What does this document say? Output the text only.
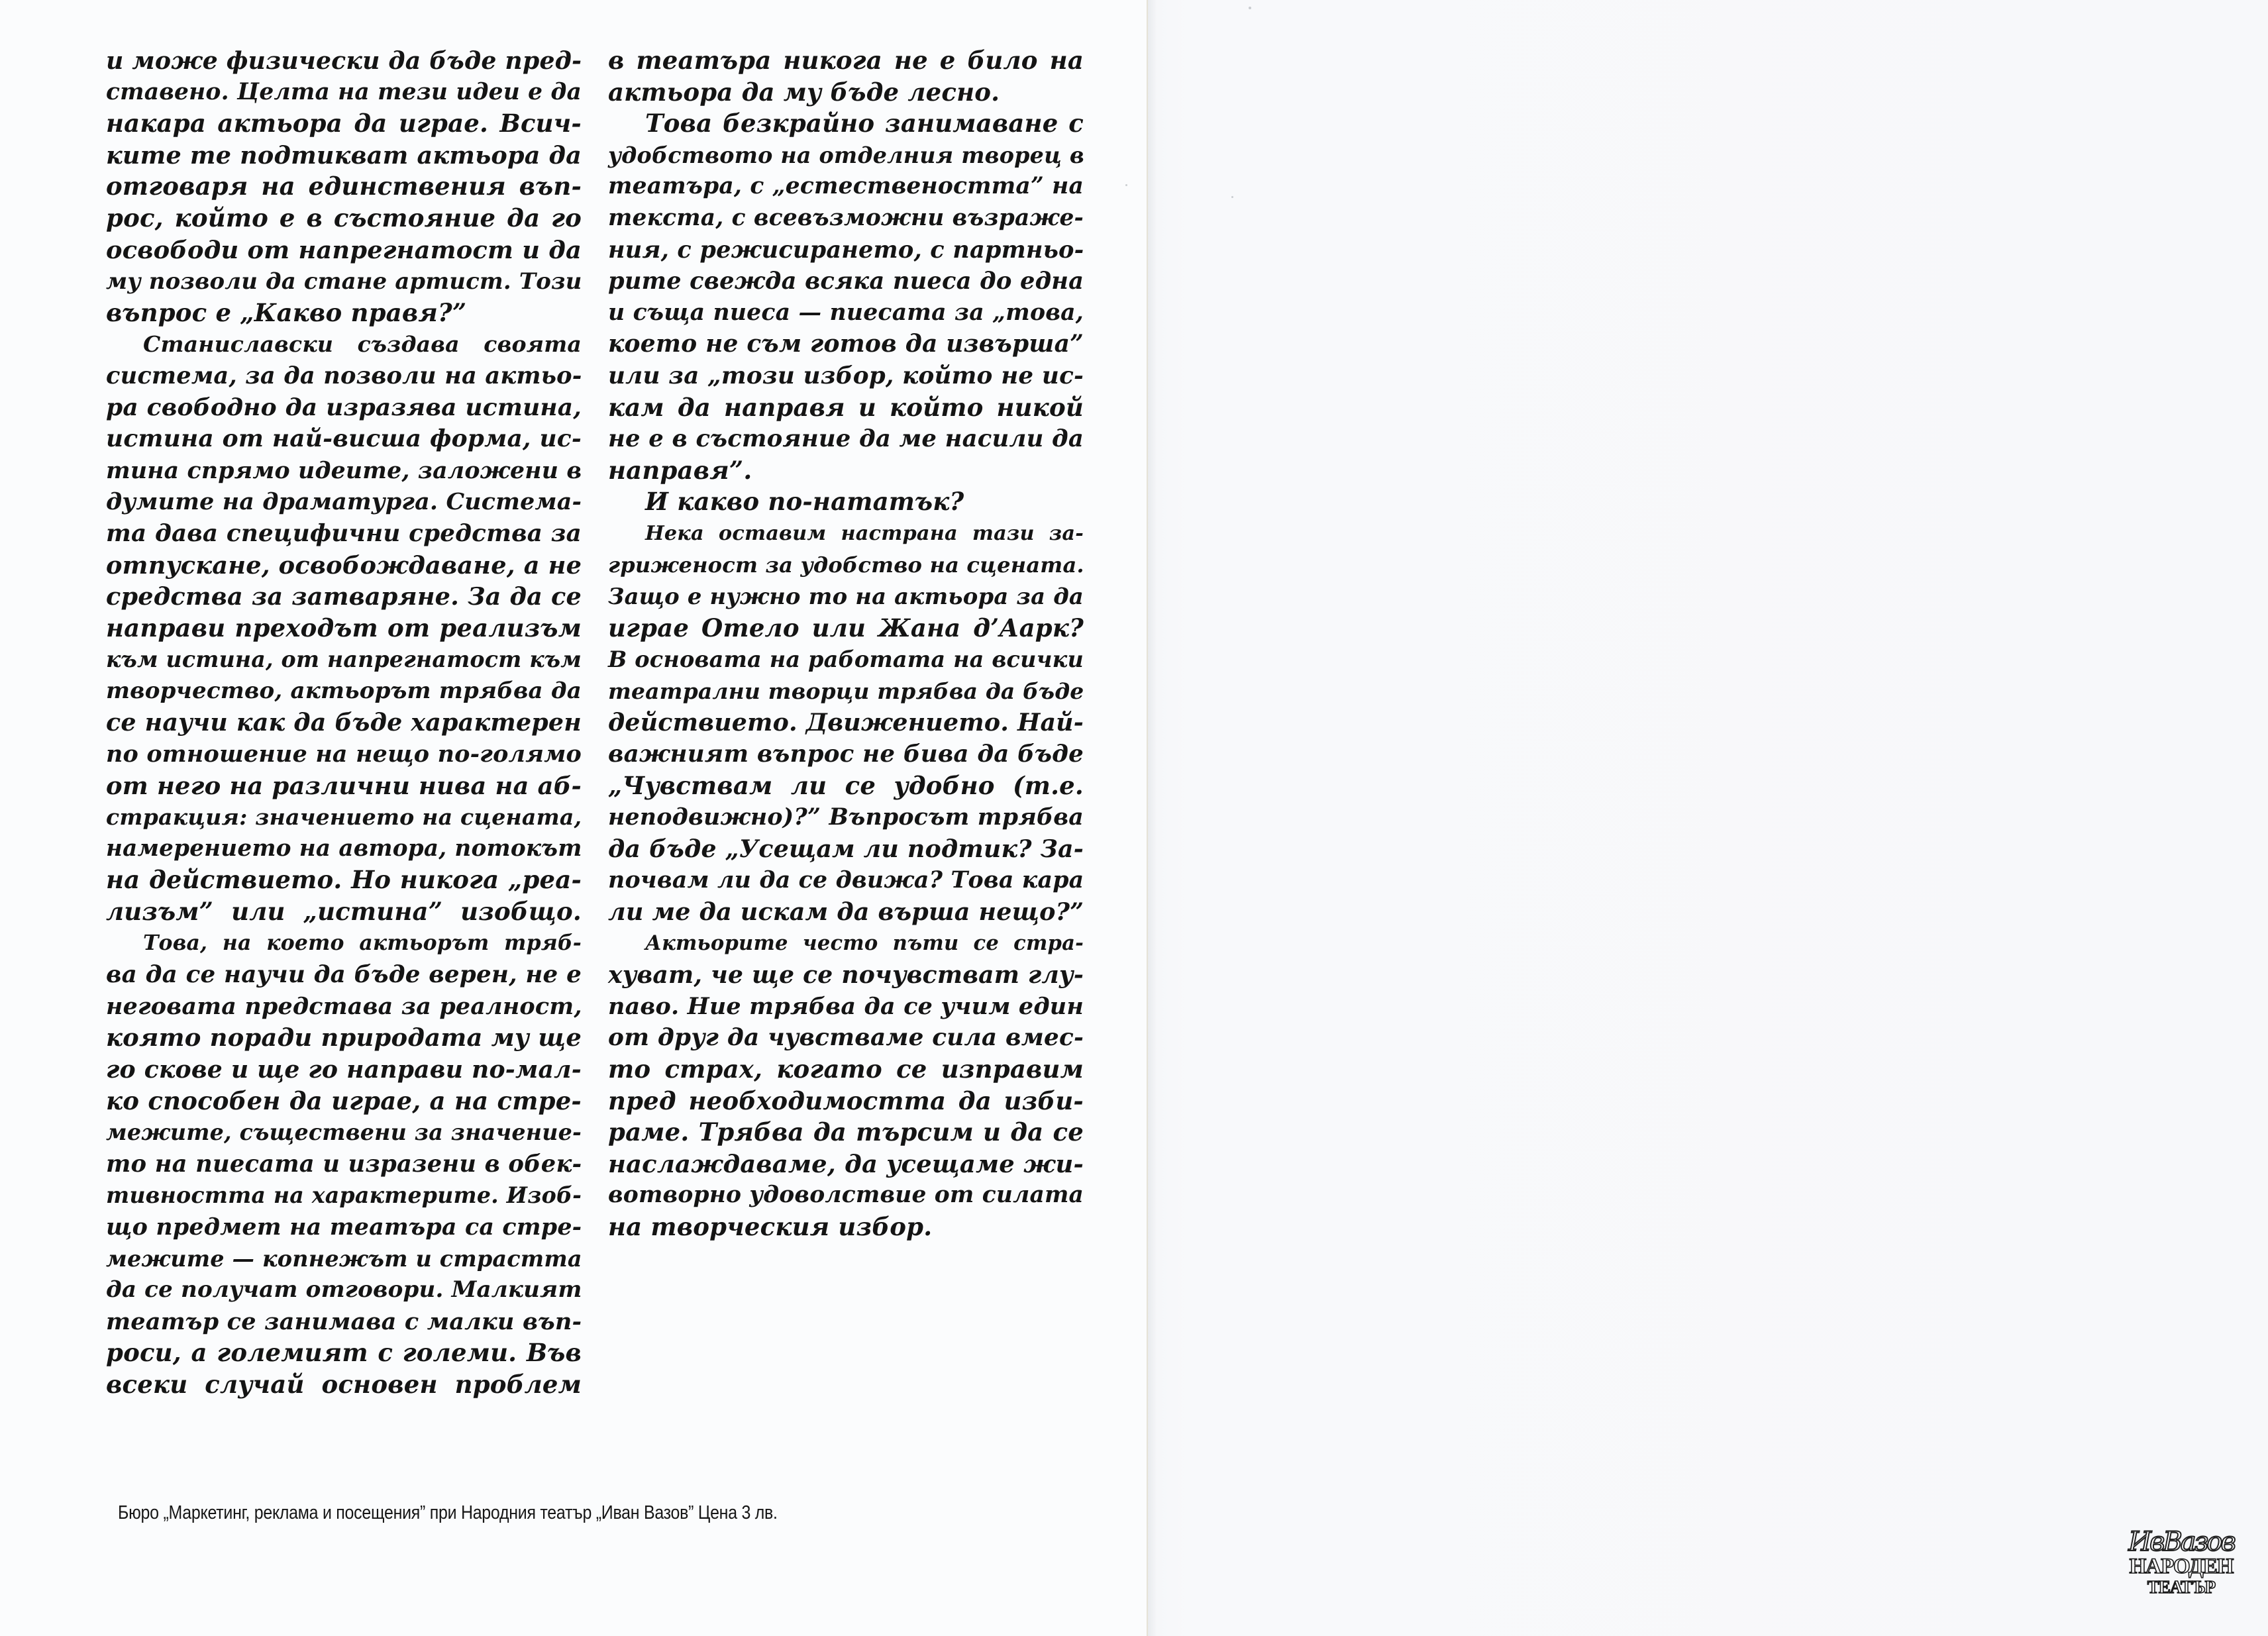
и може физически да бъде пред-
ставено. Целта на тези идеи е да
накара актьора да играе. Всич-
ките те подтикват актьора да
отговаря на единствения въп-
рос, който е в състояние да го
освободи от напрегнатост и да
му позволи да стане артист. Този
въпрос е „Какво правя?”
Станиславски създава своята
система, за да позволи на актьо-
ра свободно да изразява истина,
истина от най-висша форма, ис-
тина спрямо идеите, заложени в
думите на драматурга. Система-
та дава специфични средства за
отпускане, освобождаване, а не
средства за затваряне. За да се
направи преходът от реализъм
към истина, от напрегнатост към
творчество, актьорът трябва да
се научи как да бъде характерен
по отношение на нещо по-голямо
от него на различни нива на аб-
стракция: значението на сцената,
намерението на автора, потокът
на действието. Но никога „реа-
лизъм” или „истина” изобщо.
Това, на което актьорът тряб-
ва да се научи да бъде верен, не е
неговата представа за реалност,
която поради природата му ще
го скове и ще го направи по-мал-
ко способен да играе, а на стре-
межите, съществени за значение-
то на пиесата и изразени в обек-
тивността на характерите. Изоб-
що предмет на театъра са стре-
межите — копнежът и страстта
да се получат отговори. Малкият
театър се занимава с малки въп-
роси, а големият с големи. Във
всеки случай основен проблем
в театъра никога не е било на
актьора да му бъде лесно.
Това безкрайно занимаване с
удобството на отделния творец в
театъра, с „естествеността” на
текста, с всевъзможни възраже-
ния, с режисирането, с партньо-
рите свежда всяка пиеса до една
и съща пиеса — пиесата за „това,
което не съм готов да извърша”
или за „този избор, който не ис-
кам да направя и който никой
не е в състояние да ме насили да
направя”.
И какво по-нататък?
Нека оставим настрана тази за-
гриженост за удобство на сцената.
Защо е нужно то на актьора за да
играе Отело или Жана д’Аарк?
В основата на работата на всички
театрални творци трябва да бъде
действието. Движението. Най-
важният въпрос не бива да бъде
„Чувствам ли се удобно (т.е.
неподвижно)?” Въпросът трябва
да бъде „Усещам ли подтик? За-
почвам ли да се движа? Това кара
ли ме да искам да върша нещо?”
Актьорите често пъти се стра-
хуват, че ще се почувстват глу-
паво. Ние трябва да се учим един
от друг да чувстваме сила вмес-
то страх, когато се изправим
пред необходимостта да изби-
раме. Трябва да търсим и да се
наслаждаваме, да усещаме жи-
вотворно удоволствие от силата
на творческия избор.
Бюро „Маркетинг, реклама и посещения” при Народния театър „Иван Вазов” Цена 3 лв.
ИвВазов
НАРОДЕН
ТЕАТЪР
